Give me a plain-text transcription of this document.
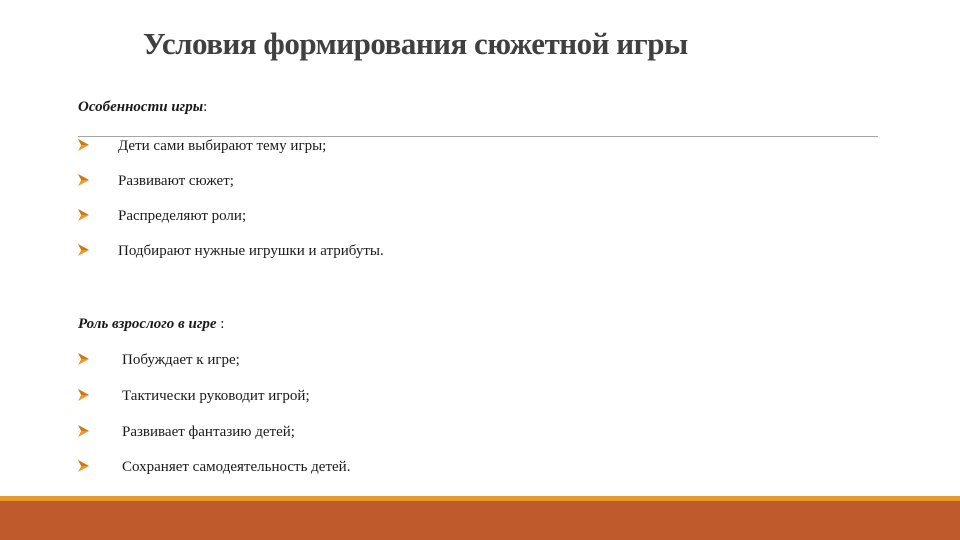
Условия формирования сюжетной игры

Особенности игры:

Дети сами выбирают тему игры;
Развивают сюжет;
Распределяют роли;
Подбирают нужные игрушки и атрибуты.

Роль взрослого в игре :

Побуждает к игре;
Тактически руководит игрой;
Развивает фантазию детей;
Сохраняет самодеятельность детей.
